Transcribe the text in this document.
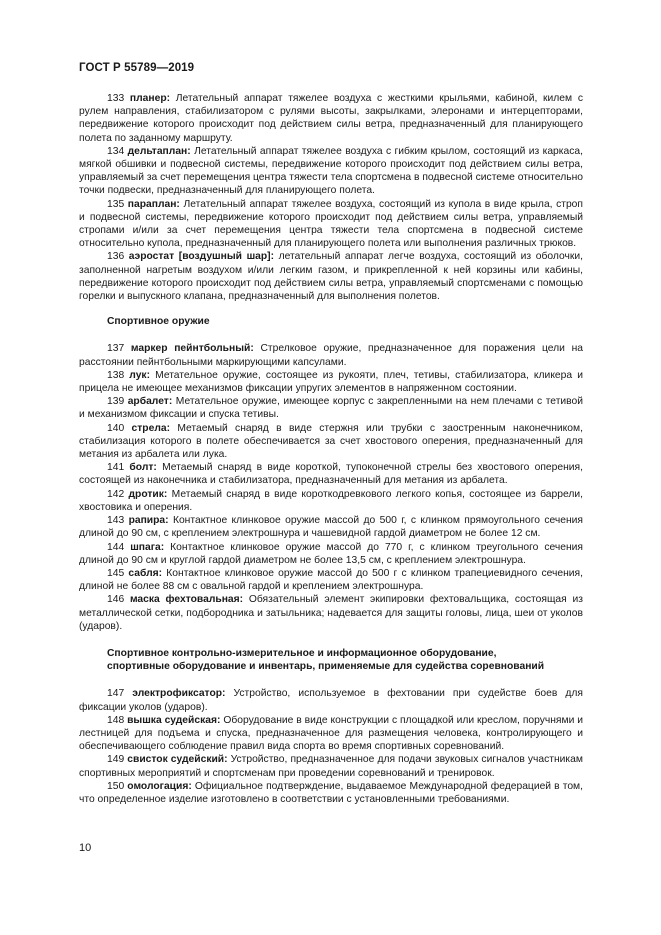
ГОСТ Р 55789—2019

133 планер: Летательный аппарат тяжелее воздуха с жесткими крыльями, кабиной, килем с рулем направления, стабилизатором с рулями высоты, закрылками, элеронами и интерцепторами, передвижение которого происходит под действием силы ветра, предназначенный для планирующего полета по заданному маршруту.

134 дельтаплан: Летательный аппарат тяжелее воздуха с гибким крылом, состоящий из каркаса, мягкой обшивки и подвесной системы, передвижение которого происходит под действием силы ветра, управляемый за счет перемещения центра тяжести тела спортсмена в подвесной системе относительно точки подвески, предназначенный для планирующего полета.

135 параплан: Летательный аппарат тяжелее воздуха, состоящий из купола в виде крыла, строп и подвесной системы, передвижение которого происходит под действием силы ветра, управляемый стропами и/или за счет перемещения центра тяжести тела спортсмена в подвесной системе относительно купола, предназначенный для планирующего полета или выполнения различных трюков.

136 аэростат [воздушный шар]: летательный аппарат легче воздуха, состоящий из оболочки, заполненной нагретым воздухом и/или легким газом, и прикрепленной к ней корзины или кабины, передвижение которого происходит под действием силы ветра, управляемый спортсменами с помощью горелки и выпускного клапана, предназначенный для выполнения полетов.

Спортивное оружие

137 маркер пейнтбольный: Стрелковое оружие, предназначенное для поражения цели на расстоянии пейнтбольными маркирующими капсулами.

138 лук: Метательное оружие, состоящее из рукояти, плеч, тетивы, стабилизатора, кликера и прицела не имеющее механизмов фиксации упругих элементов в напряженном состоянии.

139 арбалет: Метательное оружие, имеющее корпус с закрепленными на нем плечами с тетивой и механизмом фиксации и спуска тетивы.

140 стрела: Метаемый снаряд в виде стержня или трубки с заостренным наконечником, стабилизация которого в полете обеспечивается за счет хвостового оперения, предназначенный для метания из арбалета или лука.

141 болт: Метаемый снаряд в виде короткой, тупоконечной стрелы без хвостового оперения, состоящей из наконечника и стабилизатора, предназначенный для метания из арбалета.

142 дротик: Метаемый снаряд в виде короткодревкового легкого копья, состоящее из баррели, хвостовика и оперения.

143 рапира: Контактное клинковое оружие массой до 500 г, с клинком прямоугольного сечения длиной до 90 см, с креплением электрошнура и чашевидной гардой диаметром не более 12 см.

144 шпага: Контактное клинковое оружие массой до 770 г, с клинком треугольного сечения длиной до 90 см и круглой гардой диаметром не более 13,5 см, с креплением электрошнура.

145 сабля: Контактное клинковое оружие массой до 500 г с клинком трапециевидного сечения, длиной не более 88 см с овальной гардой и креплением электрошнура.

146 маска фехтовальная: Обязательный элемент экипировки фехтовальщика, состоящая из металлической сетки, подбородника и затыльника; надевается для защиты головы, лица, шеи от уколов (ударов).

Спортивное контрольно-измерительное и информационное оборудование,
спортивные оборудование и инвентарь, применяемые для судейства соревнований

147 электрофиксатор: Устройство, используемое в фехтовании при судействе боев для фиксации уколов (ударов).

148 вышка судейская: Оборудование в виде конструкции с площадкой или креслом, поручнями и лестницей для подъема и спуска, предназначенное для размещения человека, контролирующего и обеспечивающего соблюдение правил вида спорта во время спортивных соревнований.

149 свисток судейский: Устройство, предназначенное для подачи звуковых сигналов участникам спортивных мероприятий и спортсменам при проведении соревнований и тренировок.

150 омологация: Официальное подтверждение, выдаваемое Международной федерацией в том, что определенное изделие изготовлено в соответствии с установленными требованиями.

10
